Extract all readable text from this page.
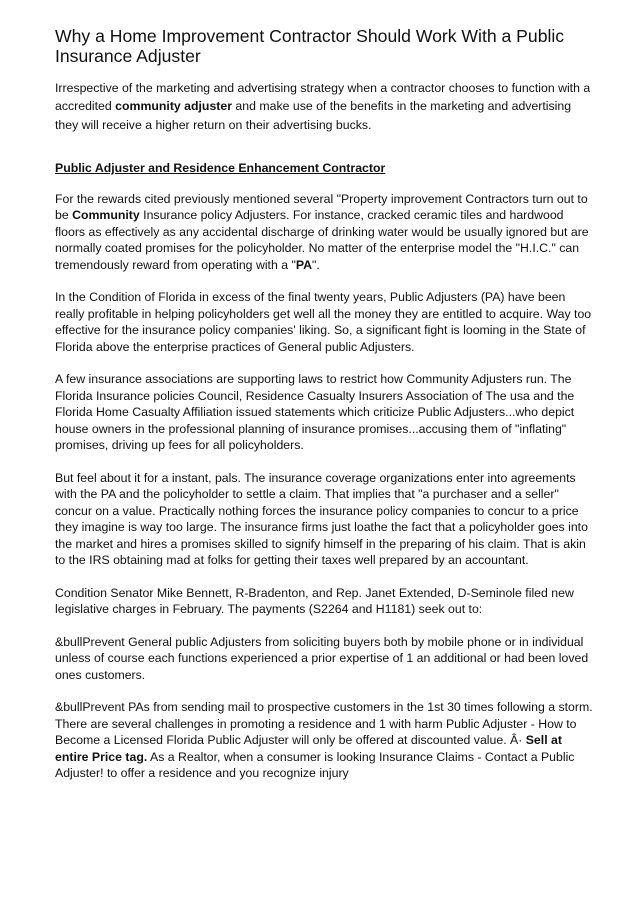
Why a Home Improvement Contractor Should Work With a Public Insurance Adjuster

Irrespective of the marketing and advertising strategy when a contractor chooses to function with a accredited community adjuster and make use of the benefits in the marketing and advertising they will receive a higher return on their advertising bucks.

Public Adjuster and Residence Enhancement Contractor

For the rewards cited previously mentioned several "Property improvement Contractors turn out to be Community Insurance policy Adjusters. For instance, cracked ceramic tiles and hardwood floors as effectively as any accidental discharge of drinking water would be usually ignored but are normally coated promises for the policyholder. No matter of the enterprise model the "H.I.C." can tremendously reward from operating with a "PA".

In the Condition of Florida in excess of the final twenty years, Public Adjusters (PA) have been really profitable in helping policyholders get well all the money they are entitled to acquire. Way too effective for the insurance policy companies' liking. So, a significant fight is looming in the State of Florida above the enterprise practices of General public Adjusters.

A few insurance associations are supporting laws to restrict how Community Adjusters run. The Florida Insurance policies Council, Residence Casualty Insurers Association of The usa and the Florida Home Casualty Affiliation issued statements which criticize Public Adjusters...who depict house owners in the professional planning of insurance promises...accusing them of "inflating" promises, driving up fees for all policyholders.

But feel about it for a instant, pals. The insurance coverage organizations enter into agreements with the PA and the policyholder to settle a claim. That implies that "a purchaser and a seller" concur on a value. Practically nothing forces the insurance policy companies to concur to a price they imagine is way too large. The insurance firms just loathe the fact that a policyholder goes into the market and hires a promises skilled to signify himself in the preparing of his claim. That is akin to the IRS obtaining mad at folks for getting their taxes well prepared by an accountant.

Condition Senator Mike Bennett, R-Bradenton, and Rep. Janet Extended, D-Seminole filed new legislative charges in February. The payments (S2264 and H1181) seek out to:

&bullPrevent General public Adjusters from soliciting buyers both by mobile phone or in individual unless of course each functions experienced a prior expertise of 1 an additional or had been loved ones customers.

&bullPrevent PAs from sending mail to prospective customers in the 1st 30 times following a storm. There are several challenges in promoting a residence and 1 with harm Public Adjuster - How to Become a Licensed Florida Public Adjuster will only be offered at discounted value. Â· Sell at entire Price tag. As a Realtor, when a consumer is looking Insurance Claims - Contact a Public Adjuster! to offer a residence and you recognize injury
